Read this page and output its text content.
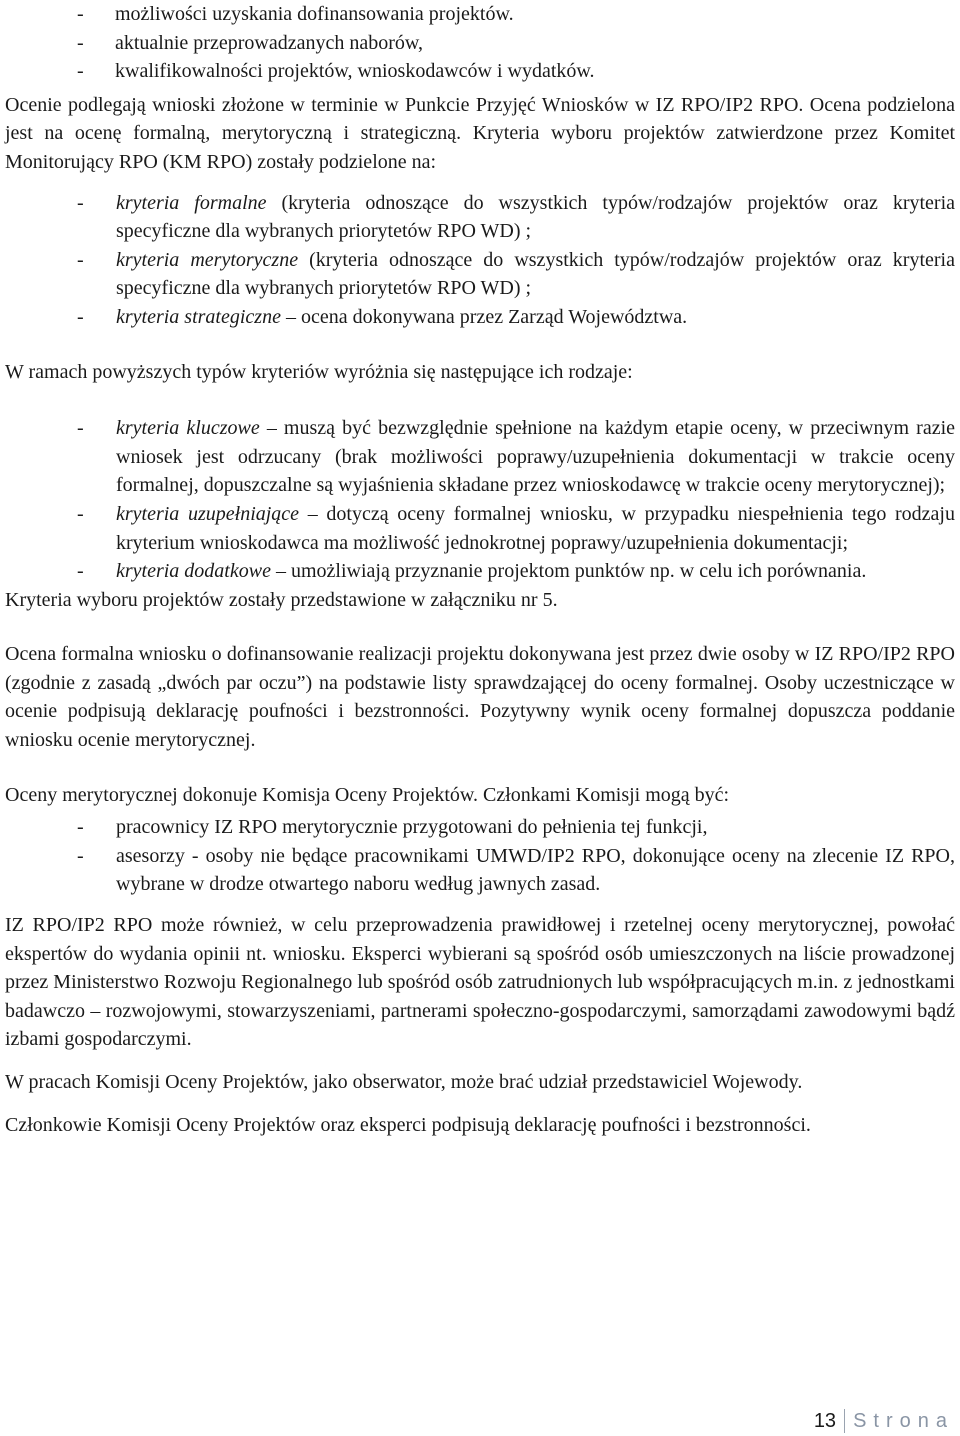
- możliwości uzyskania dofinansowania projektów.
- aktualnie przeprowadzanych naborów,
- kwalifikowalności projektów, wnioskodawców i wydatków.

Ocenie podlegają wnioski złożone w terminie w Punkcie Przyjęć Wniosków w IZ RPO/IP2 RPO. Ocena podzielona jest na ocenę formalną, merytoryczną i strategiczną. Kryteria wyboru projektów zatwierdzone przez Komitet Monitorujący RPO (KM RPO) zostały podzielone na:

- kryteria formalne (kryteria odnoszące do wszystkich typów/rodzajów projektów oraz kryteria specyficzne dla wybranych priorytetów RPO WD) ;
- kryteria merytoryczne (kryteria odnoszące do wszystkich typów/rodzajów projektów oraz kryteria specyficzne dla wybranych priorytetów RPO WD) ;
- kryteria strategiczne – ocena dokonywana przez Zarząd Województwa.

W ramach powyższych typów kryteriów wyróżnia się następujące ich rodzaje:

- kryteria kluczowe – muszą być bezwzględnie spełnione na każdym etapie oceny, w przeciwnym razie wniosek jest odrzucany (brak możliwości poprawy/uzupełnienia dokumentacji w trakcie oceny formalnej, dopuszczalne są wyjaśnienia składane przez wnioskodawcę w trakcie oceny merytorycznej);
- kryteria uzupełniające – dotyczą oceny formalnej wniosku, w przypadku niespełnienia tego rodzaju kryterium wnioskodawca ma możliwość jednokrotnej poprawy/uzupełnienia dokumentacji;
- kryteria dodatkowe – umożliwiają przyznanie projektom punktów np. w celu ich porównania.

Kryteria wyboru projektów zostały przedstawione w załączniku nr 5.

Ocena formalna wniosku o dofinansowanie realizacji projektu dokonywana jest przez dwie osoby w IZ RPO/IP2 RPO (zgodnie z zasadą „dwóch par oczu”) na podstawie listy sprawdzającej do oceny formalnej. Osoby uczestniczące w ocenie podpisują deklarację poufności i bezstronności. Pozytywny wynik oceny formalnej dopuszcza poddanie wniosku ocenie merytorycznej.

Oceny merytorycznej dokonuje Komisja Oceny Projektów. Członkami Komisji mogą być:

- pracownicy IZ RPO merytorycznie przygotowani do pełnienia tej funkcji,
- asesorzy - osoby nie będące pracownikami UMWD/IP2 RPO, dokonujące oceny na zlecenie IZ RPO, wybrane w drodze otwartego naboru według jawnych zasad.

IZ RPO/IP2 RPO może również, w celu przeprowadzenia prawidłowej i rzetelnej oceny merytorycznej, powołać ekspertów do wydania opinii nt. wniosku. Eksperci wybierani są spośród osób umieszczonych na liście prowadzonej przez Ministerstwo Rozwoju Regionalnego lub spośród osób zatrudnionych lub współpracujących m.in. z jednostkami badawczo – rozwojowymi, stowarzyszeniami, partnerami społeczno-gospodarczymi, samorządami zawodowymi bądź izbami gospodarczymi.

W pracach Komisji Oceny Projektów, jako obserwator, może brać udział przedstawiciel Wojewody.

Członkowie Komisji Oceny Projektów oraz eksperci podpisują deklarację poufności i bezstronności.

13 Strona
